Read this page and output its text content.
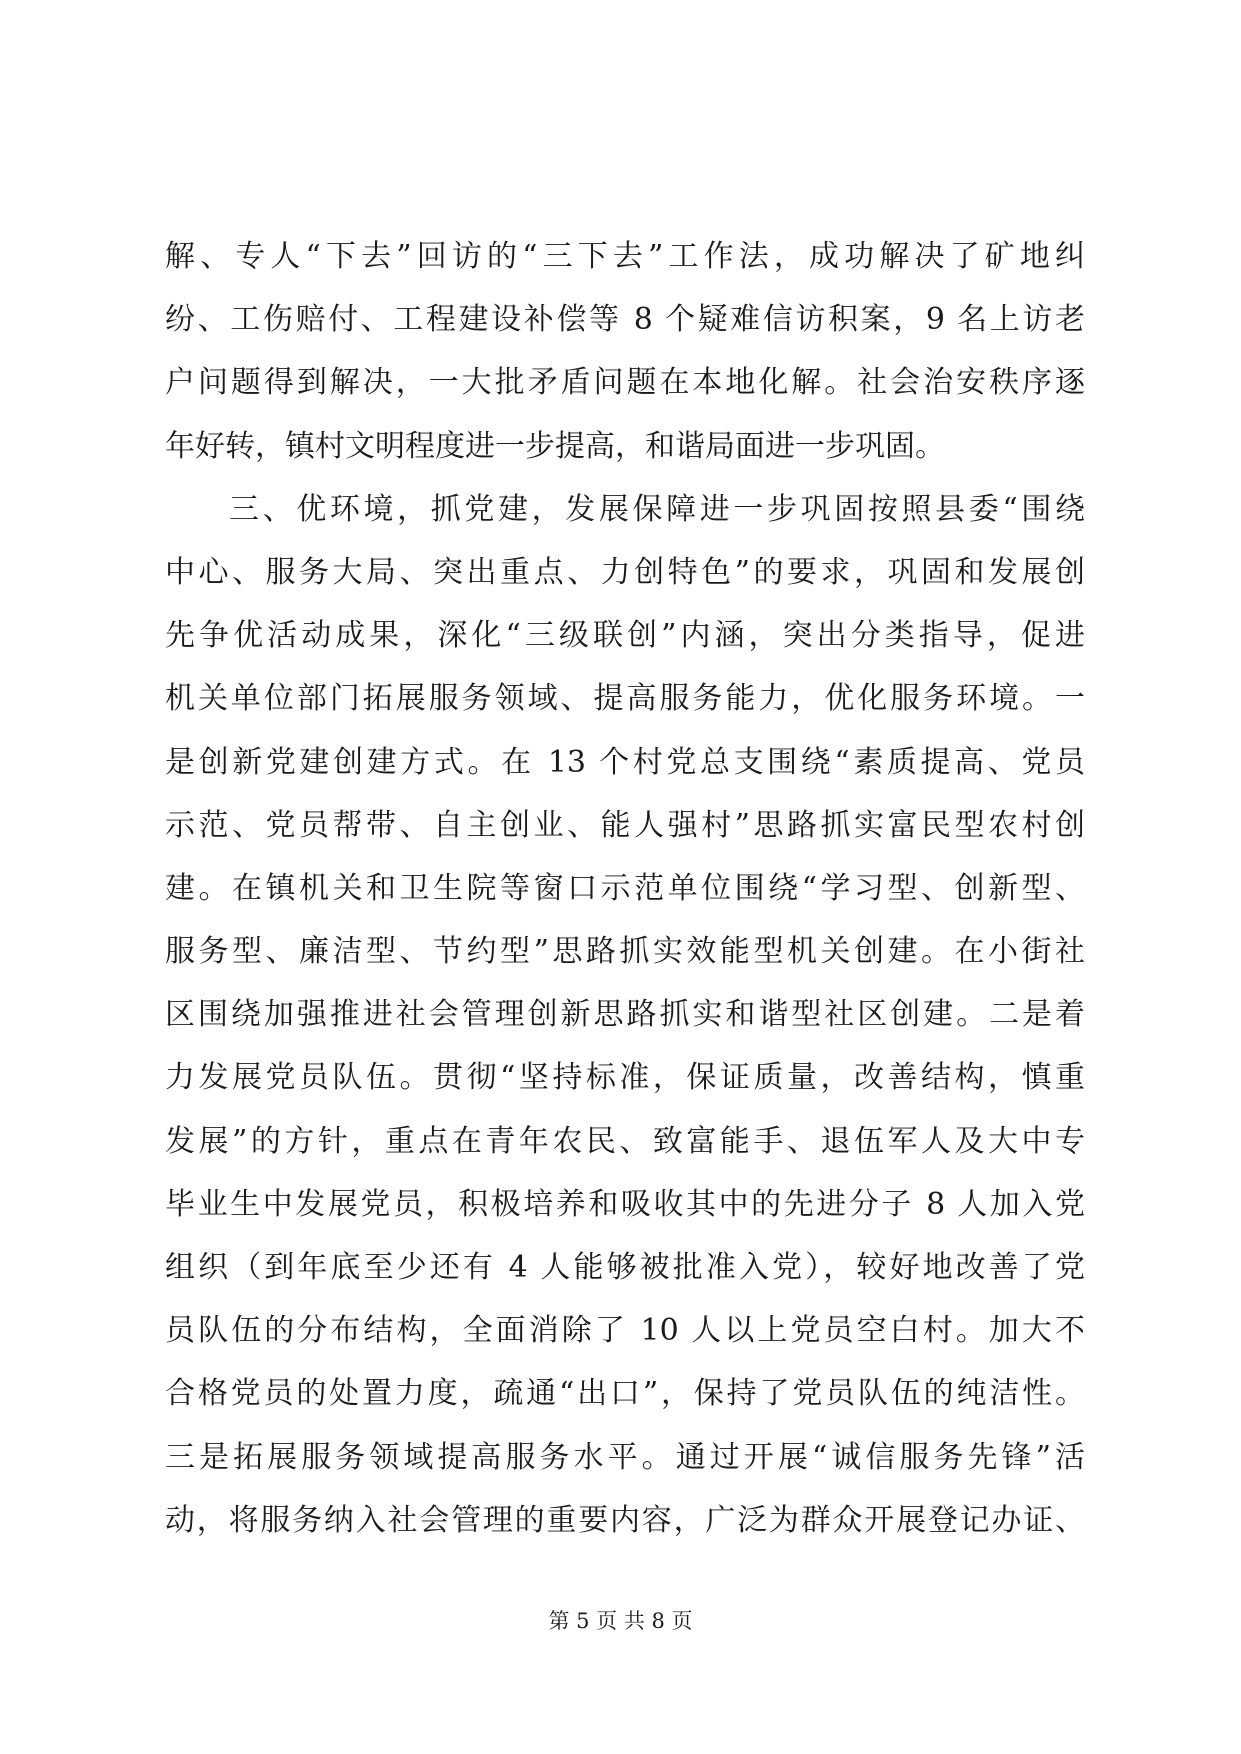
解、专人“下去”回访的“三下去”工作法，成功解决了矿地纠
纷、工伤赔付、工程建设补偿等 8 个疑难信访积案，9 名上访老
户问题得到解决，一大批矛盾问题在本地化解。社会治安秩序逐
年好转，镇村文明程度进一步提高，和谐局面进一步巩固。
三、优环境，抓党建，发展保障进一步巩固按照县委“围绕
中心、服务大局、突出重点、力创特色”的要求，巩固和发展创
先争优活动成果，深化“三级联创”内涵，突出分类指导，促进
机关单位部门拓展服务领域、提高服务能力，优化服务环境。一
是创新党建创建方式。在 13 个村党总支围绕“素质提高、党员
示范、党员帮带、自主创业、能人强村”思路抓实富民型农村创
建。在镇机关和卫生院等窗口示范单位围绕“学习型、创新型、
服务型、廉洁型、节约型”思路抓实效能型机关创建。在小街社
区围绕加强推进社会管理创新思路抓实和谐型社区创建。二是着
力发展党员队伍。贯彻“坚持标准，保证质量，改善结构，慎重
发展”的方针，重点在青年农民、致富能手、退伍军人及大中专
毕业生中发展党员，积极培养和吸收其中的先进分子 8 人加入党
组织（到年底至少还有 4 人能够被批准入党），较好地改善了党
员队伍的分布结构，全面消除了 10 人以上党员空白村。加大不
合格党员的处置力度，疏通“出口”，保持了党员队伍的纯洁性。
三是拓展服务领域提高服务水平。通过开展“诚信服务先锋”活
动，将服务纳入社会管理的重要内容，广泛为群众开展登记办证、
第 5 页 共 8 页
